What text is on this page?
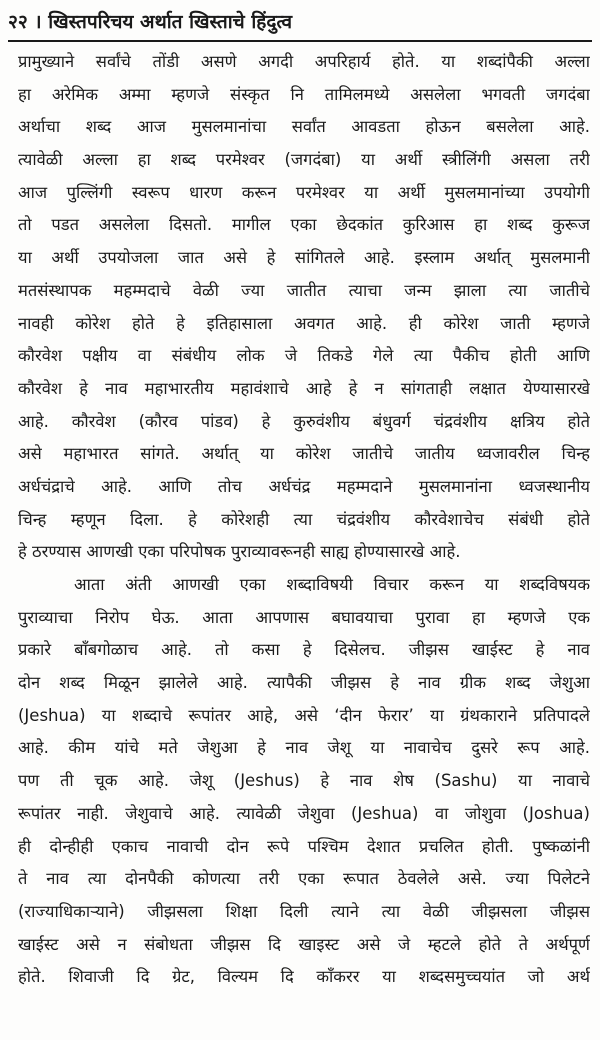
२२ । खिस्तपरिचय अर्थात खिस्ताचे हिंदुत्व
प्रामुख्याने सर्वांचे तोंडी असणे अगदी अपरिहार्य होते. या शब्दांपैकी अल्ला
हा अरेमिक अम्मा म्हणजे संस्कृत नि तामिलमध्ये असलेला भगवती जगदंबा
अर्थाचा शब्द आज मुसलमानांचा सर्वांत आवडता होऊन बसलेला आहे.
त्यावेळी अल्ला हा शब्द परमेश्वर (जगदंबा) या अर्थी स्त्रीलिंगी असला तरी
आज पुल्लिंगी स्वरूप धारण करून परमेश्वर या अर्थी मुसलमानांच्या उपयोगी
तो पडत असलेला दिसतो. मागील एका छेदकांत कुरिआस हा शब्द कुरूज
या अर्थी उपयोजला जात असे हे सांगितले आहे. इस्लाम अर्थात् मुसलमानी
मतसंस्थापक महम्मदाचे वेळी ज्या जातीत त्याचा जन्म झाला त्या जातीचे
नावही कोरेश होते हे इतिहासाला अवगत आहे. ही कोरेश जाती म्हणजे
कौरवेश पक्षीय वा संबंधीय लोक जे तिकडे गेले त्या पैकीच होती आणि
कौरवेश हे नाव महाभारतीय महावंशाचे आहे हे न सांगताही लक्षात येण्यासारखे
आहे. कौरवेश (कौरव पांडव) हे कुरुवंशीय बंधुवर्ग चंद्रवंशीय क्षत्रिय होते
असे महाभारत सांगते. अर्थात् या कोरेश जातीचे जातीय ध्वजावरील चिन्ह
अर्धचंद्राचे आहे. आणि तोच अर्धचंद्र महम्मदाने मुसलमानांना ध्वजस्थानीय
चिन्ह म्हणून दिला. हे कोरेशही त्या चंद्रवंशीय कौरवेशाचेच संबंधी होते
हे ठरण्यास आणखी एका परिपोषक पुराव्यावरूनही साह्य होण्यासारखे आहे.
आता अंती आणखी एका शब्दाविषयी विचार करून या शब्दविषयक
पुराव्याचा निरोप घेऊ. आता आपणास बघावयाचा पुरावा हा म्हणजे एक
प्रकारे बाँबगोळाच आहे. तो कसा हे दिसेलच. जीझस खाईस्ट हे नाव
दोन शब्द मिळून झालेले आहे. त्यापैकी जीझस हे नाव ग्रीक शब्द जेशुआ
(Jeshua) या शब्दाचे रूपांतर आहे, असे ‘दीन फेरार’ या ग्रंथकाराने प्रतिपादले
आहे. कीम यांचे मते जेशुआ हे नाव जेशू या नावाचेच दुसरे रूप आहे.
पण ती चूक आहे. जेशू (Jeshus) हे नाव शेष (Sashu) या नावाचे
रूपांतर नाही. जेशुवाचे आहे. त्यावेळी जेशुवा (Jeshua) वा जोशुवा (Joshua)
ही दोन्हीही एकाच नावाची दोन रूपे पश्चिम देशात प्रचलित होती. पुष्कळांनी
ते नाव त्या दोनपैकी कोणत्या तरी एका रूपात ठेवलेले असे. ज्या पिलेटने
(राज्याधिकाऱ्याने) जीझसला शिक्षा दिली त्याने त्या वेळी जीझसला जीझस
खाईस्ट असे न संबोधता जीझस दि खाइस्ट असे जे म्हटले होते ते अर्थपूर्ण
होते. शिवाजी दि ग्रेट, विल्यम दि काँकरर या शब्दसमुच्चयांत जो अर्थ
